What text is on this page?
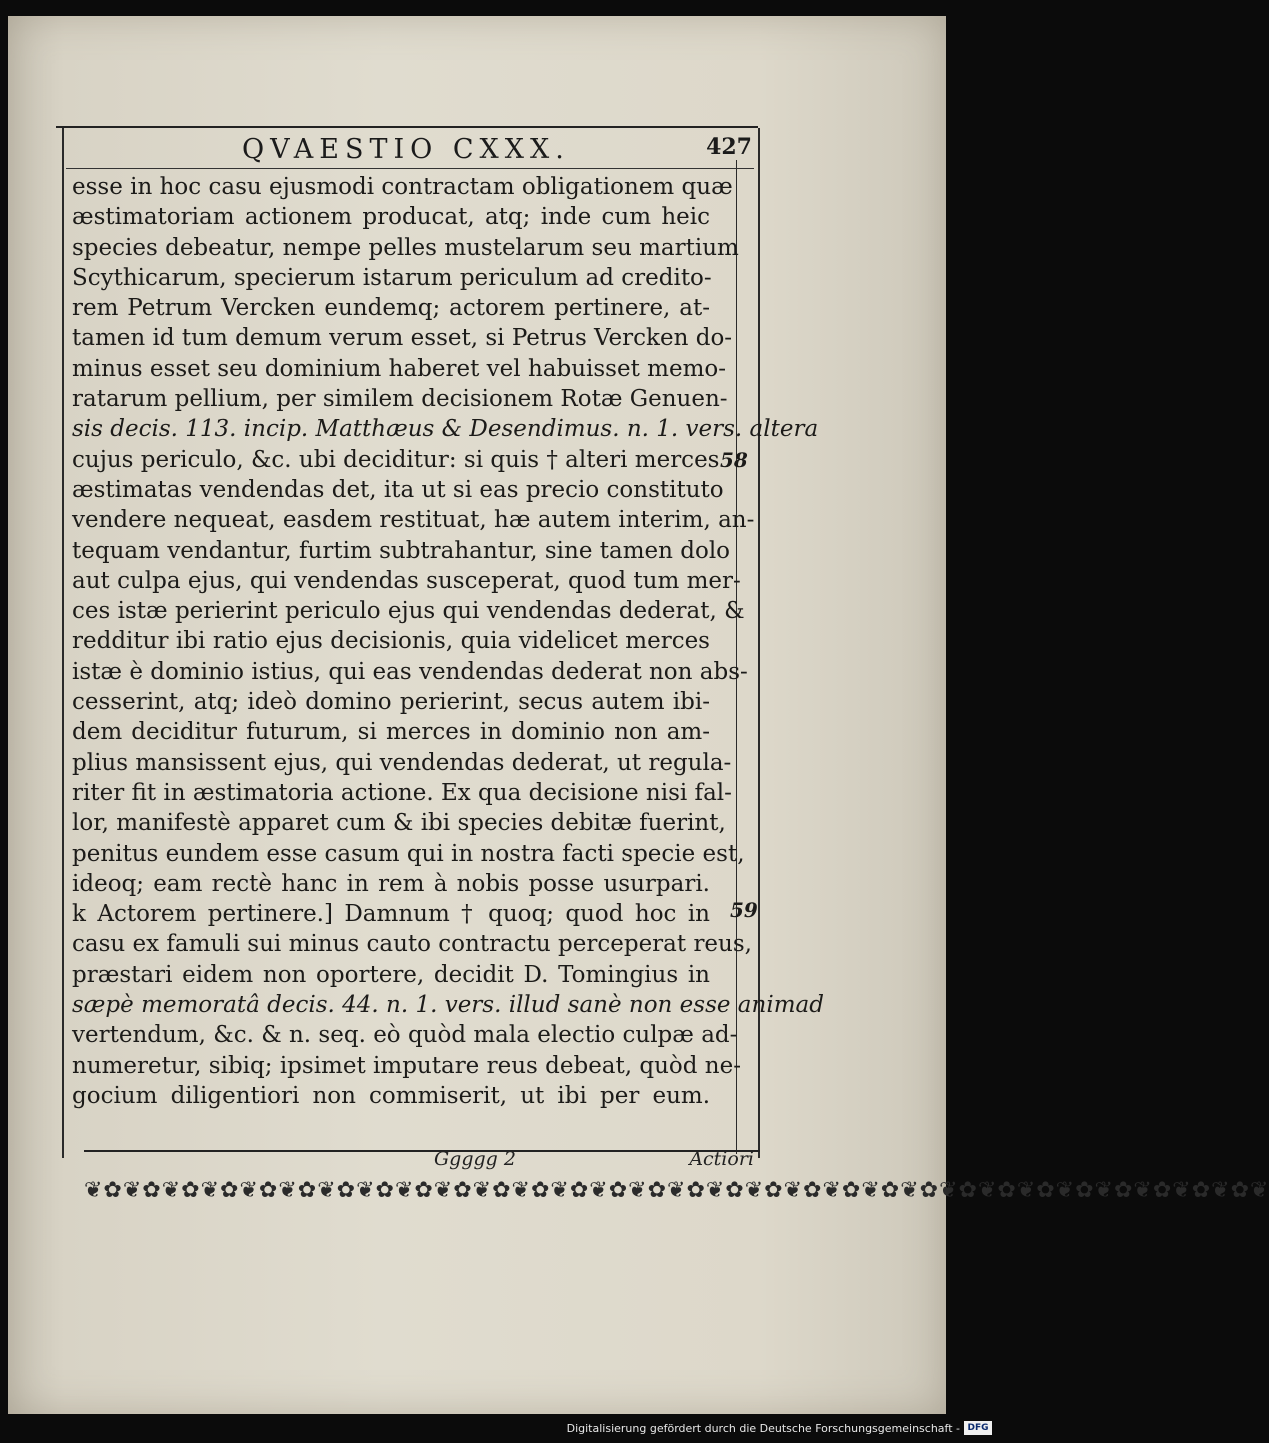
QVAESTIO CXXX.	427
esse in hoc casu ejusmodi contractam obligationem quæ
æstimatoriam actionem producat, atq; inde cum heic
species debeatur, nempe pelles mustelarum seu martium
Scythicarum, specierum istarum periculum ad credito-
rem Petrum Vercken eundemq; actorem pertinere, at-
tamen id tum demum verum esset, si Petrus Vercken do-
minus esset seu dominium haberet vel habuisset memo-
ratarum pellium, per similem decisionem Rotæ Genuen-
sis decis. 113. incip. Matthæus & Desendimus. n. 1. vers. altera
cujus periculo, &c. ubi deciditur: si quis † alteri merces
æstimatas vendendas det, ita ut si eas precio constituto
vendere nequeat, easdem restituat, hæ autem interim, an-
tequam vendantur, furtim subtrahantur, sine tamen dolo
aut culpa ejus, qui vendendas susceperat, quod tum mer-
ces istæ perierint periculo ejus qui vendendas dederat, &
redditur ibi ratio ejus decisionis, quia videlicet merces
istæ è dominio istius, qui eas vendendas dederat non abs-
cesserint, atq; ideò domino perierint, secus autem ibi-
dem deciditur futurum, si merces in dominio non am-
plius mansissent ejus, qui vendendas dederat, ut regula-
riter fit in æstimatoria actione. Ex qua decisione nisi fal-
lor, manifestè apparet cum & ibi species debitæ fuerint,
penitus eundem esse casum qui in nostra facti specie est,
ideoq; eam rectè hanc in rem à nobis posse usurpari.
k Actorem pertinere.] Damnum † quoq; quod hoc in
casu ex famuli sui minus cauto contractu perceperat reus,
præstari eidem non oportere, decidit D. Tomingius in
sæpè memoratâ decis. 44. n. 1. vers. illud sanè non esse animad
vertendum, &c. & n. seq. eò quòd mala electio culpæ ad-
numeretur, sibiq; ipsimet imputare reus debeat, quòd ne-
gocium diligentiori non commiserit, ut ibi per eum.
58
59
Ggggg 2	Actiori
❦✿❦✿❦✿❦✿❦✿❦✿❦✿❦✿❦✿❦✿❦✿❦✿❦✿❦✿❦✿❦✿❦✿❦✿❦✿❦✿❦✿❦✿❦✿❦✿❦✿❦✿❦✿❦✿❦✿❦✿❦
Digitalisierung gefördert durch die Deutsche Forschungsgemeinschaft - DFG
